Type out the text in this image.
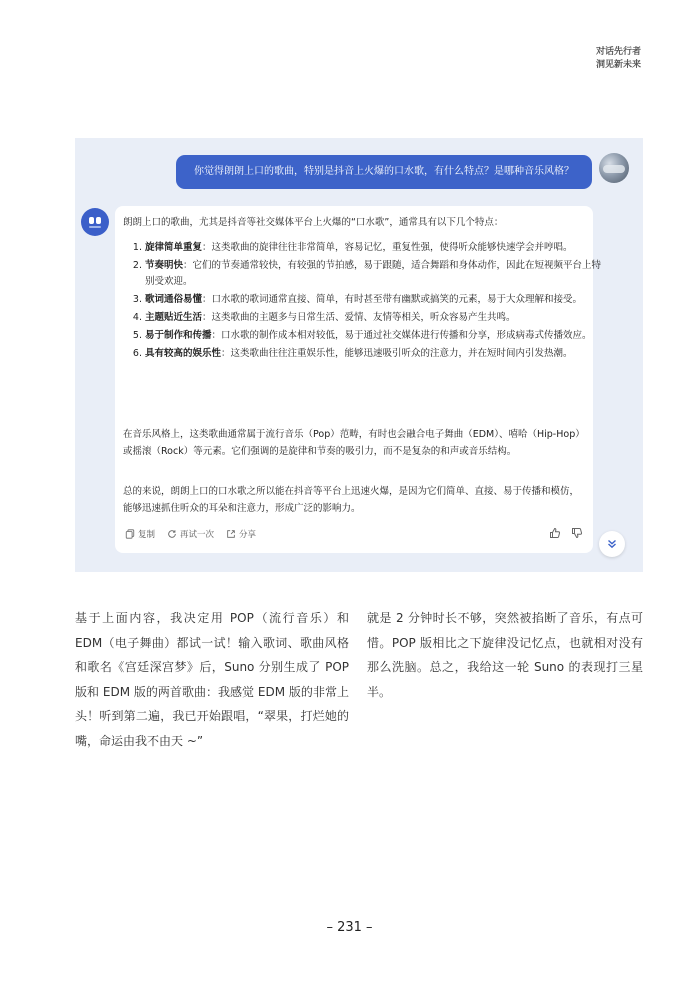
对话先行者
洞见新未来
你觉得朗朗上口的歌曲，特别是抖音上火爆的口水歌，有什么特点？是哪种音乐风格？
朗朗上口的歌曲，尤其是抖音等社交媒体平台上火爆的“口水歌”，通常具有以下几个特点：
1. 旋律简单重复：这类歌曲的旋律往往非常简单，容易记忆，重复性强，使得听众能够快速学会并哼唱。
2. 节奏明快：它们的节奏通常较快，有较强的节拍感，易于跟随，适合舞蹈和身体动作，因此在短视频平台上特别受欢迎。
3. 歌词通俗易懂：口水歌的歌词通常直接、简单，有时甚至带有幽默或搞笑的元素，易于大众理解和接受。
4. 主题贴近生活：这类歌曲的主题多与日常生活、爱情、友情等相关，听众容易产生共鸣。
5. 易于制作和传播：口水歌的制作成本相对较低，易于通过社交媒体进行传播和分享，形成病毒式传播效应。
6. 具有较高的娱乐性：这类歌曲往往注重娱乐性，能够迅速吸引听众的注意力，并在短时间内引发热潮。
在音乐风格上，这类歌曲通常属于流行音乐（Pop）范畴，有时也会融合电子舞曲（EDM）、嘻哈（Hip-Hop）或摇滚（Rock）等元素。它们强调的是旋律和节奏的吸引力，而不是复杂的和声或音乐结构。
总的来说，朗朗上口的口水歌之所以能在抖音等平台上迅速火爆，是因为它们简单、直接、易于传播和模仿，能够迅速抓住听众的耳朵和注意力，形成广泛的影响力。
复制	再试一次	分享
基于上面内容，我决定用 POP（流行音乐）和 EDM（电子舞曲）都试一试！输入歌词、歌曲风格和歌名《宫廷深宫梦》后，Suno 分别生成了 POP 版和 EDM 版的两首歌曲：我感觉 EDM 版的非常上头！听到第二遍，我已开始跟唱，“翠果，打烂她的嘴，命运由我不由天 ~”
就是 2 分钟时长不够，突然被掐断了音乐，有点可惜。POP 版相比之下旋律没记忆点，也就相对没有那么洗脑。总之，我给这一轮 Suno 的表现打三星半。
– 231 –
